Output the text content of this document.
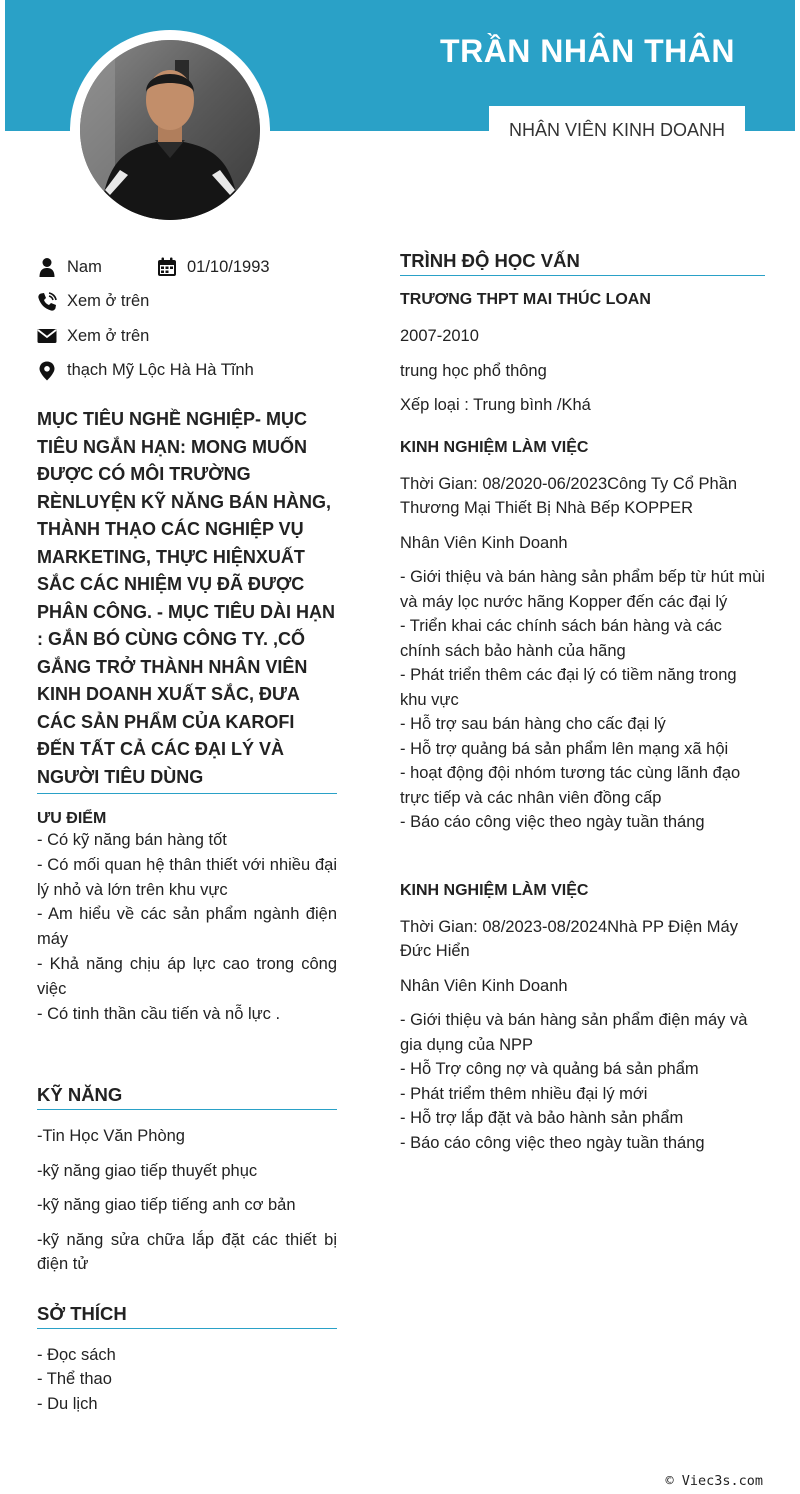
TRẦN NHÂN THÂN
NHÂN VIÊN KINH DOANH
Nam	01/10/1993
Xem ở trên
Xem ở trên
thạch Mỹ Lộc Hà Hà Tĩnh
MỤC TIÊU NGHỀ NGHIỆP- MỤC TIÊU NGẮN HẠN: MONG MUỐN ĐƯỢC CÓ MÔI TRƯỜNG RÈNLUYỆN KỸ NĂNG BÁN HÀNG, THÀNH THẠO CÁC NGHIỆP VỤ MARKETING, THỰC HIỆNXUẤT SẮC CÁC NHIỆM VỤ ĐÃ ĐƯỢC PHÂN CÔNG. - MỤC TIÊU DÀI HẠN : GẮN BÓ CÙNG CÔNG TY. ,CỐ GẮNG TRỞ THÀNH NHÂN VIÊN KINH DOANH XUẤT SẮC, ĐƯA CÁC SẢN PHẨM CỦA KAROFI ĐẾN TẤT CẢ CÁC ĐẠI LÝ VÀ NGƯỜI TIÊU DÙNG
ƯU ĐIỂM
- Có kỹ năng bán hàng tốt
- Có mối quan hệ thân thiết với nhiều đại lý nhỏ và lớn trên khu vực
- Am hiểu về các sản phẩm ngành điện máy
- Khả năng chịu áp lực cao trong công việc
- Có tinh thần cầu tiến và nỗ lực .
KỸ NĂNG
-Tin Học Văn Phòng
-kỹ năng giao tiếp thuyết phục
-kỹ năng giao tiếp tiếng anh cơ bản
-kỹ năng sửa chữa lắp đặt các thiết bị điện tử
SỞ THÍCH
- Đọc sách
- Thể thao
- Du lịch
TRÌNH ĐỘ HỌC VẤN
TRƯƠNG THPT MAI THÚC LOAN
2007-2010
trung học phổ thông
Xếp loại : Trung bình /Khá
KINH NGHIỆM LÀM VIỆC
Thời Gian: 08/2020-06/2023Công Ty Cổ Phần Thương Mại Thiết Bị Nhà Bếp KOPPER
Nhân Viên Kinh Doanh
- Giới thiệu và bán hàng sản phẩm bếp từ hút mùi và máy lọc nước hãng Kopper đến các đại lý
- Triển khai các chính sách bán hàng và các chính sách bảo hành của hãng
- Phát triển thêm các đại lý có tiềm năng trong khu vực
- Hỗ trợ sau bán hàng cho cấc đại lý
- Hỗ trợ quảng bá sản phẩm lên mạng xã hội
- hoạt động đội nhóm tương tác cùng lãnh đạo trực tiếp và các nhân viên đồng cấp
- Báo cáo công việc theo ngày tuần tháng
KINH NGHIỆM LÀM VIỆC
Thời Gian: 08/2023-08/2024Nhà PP Điện Máy Đức Hiển
Nhân Viên Kinh Doanh
- Giới thiệu và bán hàng sản phẩm điện máy và gia dụng của NPP
- Hỗ Trợ công nợ và quảng bá sản phẩm
- Phát triểm thêm nhiều đại lý mới
- Hỗ trợ lắp đặt và bảo hành sản phẩm
- Báo cáo công việc theo ngày tuần tháng
© Viec3s.com
